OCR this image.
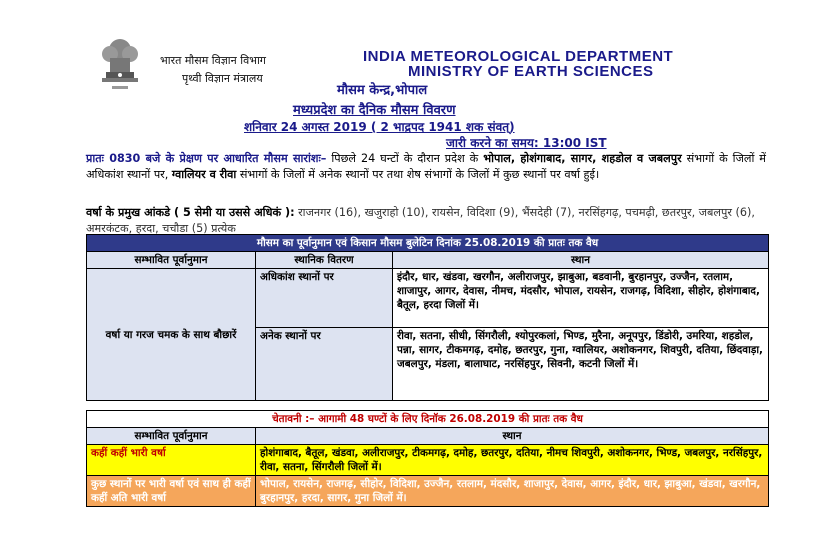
भारत मौसम विज्ञान विभाग
पृथ्वी विज्ञान मंत्रालय
INDIA METEOROLOGICAL DEPARTMENT
MINISTRY OF EARTH SCIENCES
मौसम केन्द्र,भोपाल
मध्यप्रदेश का दैनिक मौसम विवरण
शनिवार 24 अगस्त 2019 ( 2 भाद्रपद 1941 शक संवत्)
जारी करने का समय: 13:00 IST
प्रातः 0830 बजे के प्रेक्षण पर आधारित मौसम सारांशः– पिछले 24 घन्टों के दौरान प्रदेश के भोपाल, होशंगाबाद, सागर, शहडोल व जबलपुर संभागों के जिलों में अधिकांश स्थानों पर, ग्वालियर व रीवा संभागों के जिलों में अनेक स्थानों पर तथा शेष संभागों के जिलों में कुछ स्थानों पर वर्षा हुई।
वर्षा के प्रमुख आंकडे ( 5 सेमी या उससे अधिकं ): राजनगर (16), खजुराहो (10), रायसेन, विदिशा (9), भैंसदेही (7), नरसिंहगढ़, पचमढ़ी, छतरपुर, जबलपुर (6), अमरकंटक, हरदा, चचौडा (5) प्रत्येक
मौसम का पूर्वानुमान एवं किसान मौसम बुलेटिन दिनांक 25.08.2019 की प्रातः तक वैध		
सम्भावित पूर्वानुमान	स्थानिक वितरण	स्थान
वर्षा या गरज चमक के साथ बौछारें	अधिकांश स्थानों पर	इंदौर, धार, खंडवा, खरगौन, अलीराजपुर, झाबुआ, बडवानी, बुरहानपुर, उज्जैन, रतलाम, शाजापुर, आगर, देवास, नीमच, मंदसौर, भोपाल, रायसेन, राजगढ़, विदिशा, सीहोर, होशंगाबाद, बैतूल, हरदा जिलों में।
	अनेक स्थानों पर	रीवा, सतना, सीधी, सिंगरौली, श्योपुरकलां, भिण्ड, मुरैना, अनूपपुर, डिंडोरी, उमरिया, शहडोल, पन्ना, सागर, टीकमगढ़, दमोह, छतरपुर, गुना, ग्वालियर, अशोकनगर, शिवपुरी, दतिया, छिंदवाड़ा, जबलपुर, मंडला, बालाघाट, नरसिंहपुर, सिवनी, कटनी जिलों में।
चेतावनी :– आगामी 48 घण्टों के लिए दिनॉक 26.08.2019 की प्रातः तक वैध	
सम्भावित पूर्वानुमान	स्थान
कहीं कहीं भारी वर्षा	होशंगाबाद, बैतूल, खंडवा, अलीराजपुर, टीकमगढ़, दमोह, छतरपुर, दतिया, नीमच शिवपुरी, अशोकनगर, भिण्ड, जबलपुर, नरसिंहपुर, रीवा, सतना, सिंगरौली जिलों में।
कुछ स्थानों पर भारी वर्षा एवं साथ ही कहीं कहीं अति भारी वर्षा	भोपाल, रायसेन, राजगढ़, सीहोर, विदिशा, उज्जैन, रतलाम, मंदसौर, शाजापुर, देवास, आगर, इंदौर, धार, झाबुआ, खंडवा, खरगौन, बुरहानपुर, हरदा, सागर, गुना जिलों में।
